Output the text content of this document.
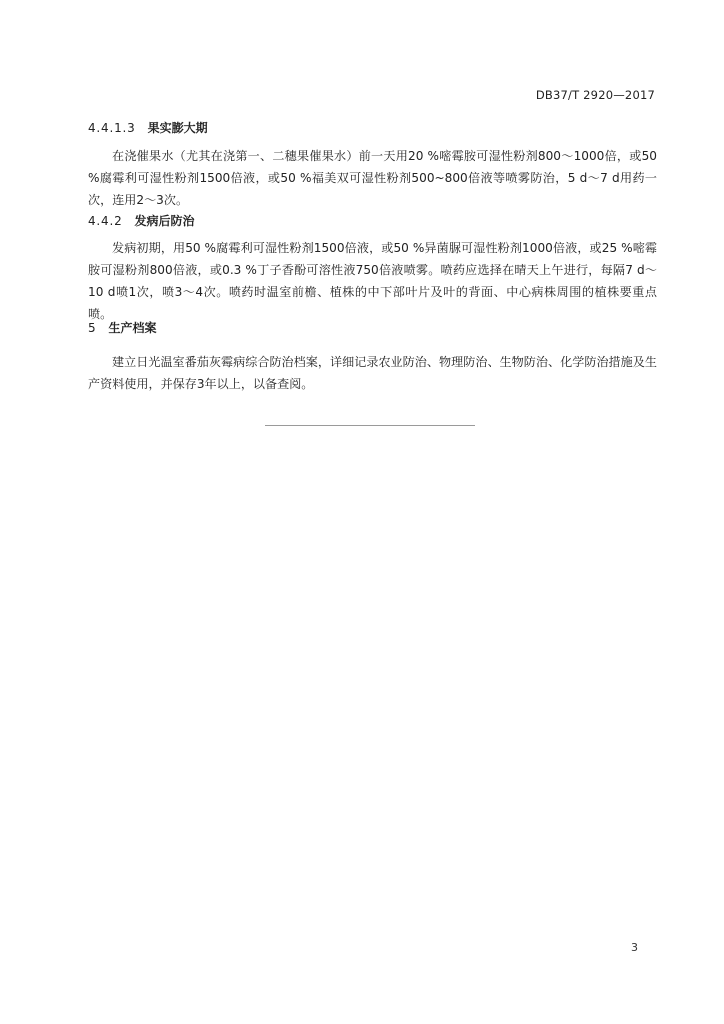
DB37/T 2920—2017
4.4.1.3 果实膨大期
在浇催果水（尤其在浇第一、二穗果催果水）前一天用20 %嘧霉胺可湿性粉剂800～1000倍，或50 %腐霉利可湿性粉剂1500倍液，或50 %福美双可湿性粉剂500~800倍液等喷雾防治，5 d～7 d用药一次，连用2～3次。
4.4.2 发病后防治
发病初期，用50 %腐霉利可湿性粉剂1500倍液，或50 %异菌脲可湿性粉剂1000倍液，或25 %嘧霉胺可湿粉剂800倍液，或0.3 %丁子香酚可溶性液750倍液喷雾。喷药应选择在晴天上午进行，每隔7 d～10 d喷1次，喷3～4次。喷药时温室前檐、植株的中下部叶片及叶的背面、中心病株周围的植株要重点喷。
5 生产档案
建立日光温室番茄灰霉病综合防治档案，详细记录农业防治、物理防治、生物防治、化学防治措施及生产资料使用，并保存3年以上，以备查阅。
3
